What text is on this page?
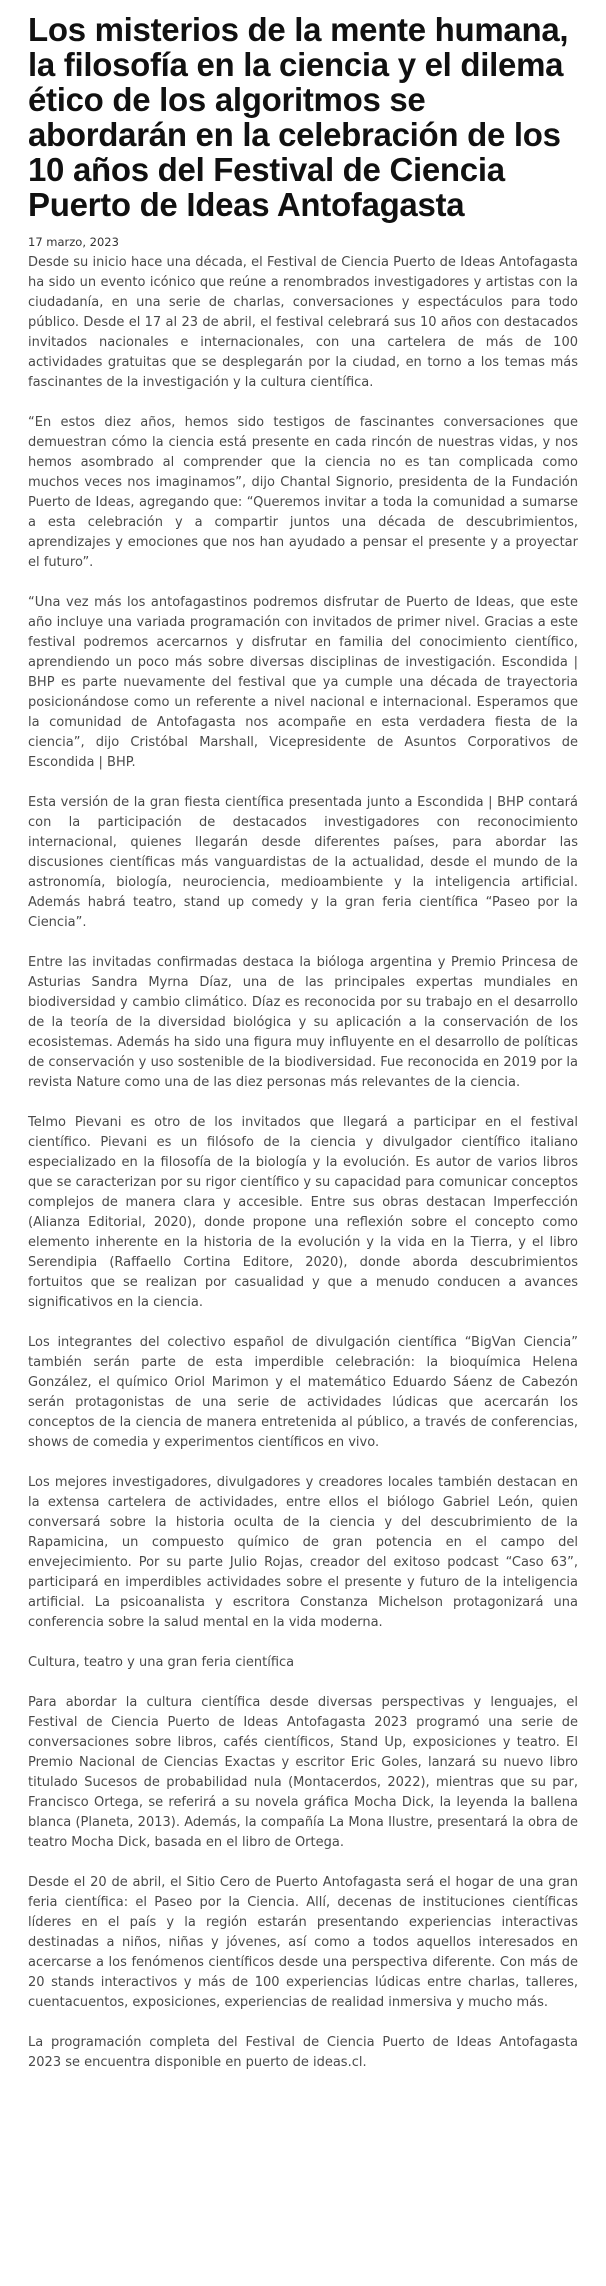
Los misterios de la mente humana, la filosofía en la ciencia y el dilema ético de los algoritmos se abordarán en la celebración de los 10 años del Festival de Ciencia Puerto de Ideas Antofagasta
17 marzo, 2023

Desde su inicio hace una década, el Festival de Ciencia Puerto de Ideas Antofagasta ha sido un evento icónico que reúne a renombrados investigadores y artistas con la ciudadanía, en una serie de charlas, conversaciones y espectáculos para todo público. Desde el 17 al 23 de abril, el festival celebrará sus 10 años con destacados invitados nacionales e internacionales, con una cartelera de más de 100 actividades gratuitas que se desplegarán por la ciudad, en torno a los temas más fascinantes de la investigación y la cultura científica.

“En estos diez años, hemos sido testigos de fascinantes conversaciones que demuestran cómo la ciencia está presente en cada rincón de nuestras vidas, y nos hemos asombrado al comprender que la ciencia no es tan complicada como muchos veces nos imaginamos”, dijo Chantal Signorio, presidenta de la Fundación Puerto de Ideas, agregando que: “Queremos invitar a toda la comunidad a sumarse a esta celebración y a compartir juntos una década de descubrimientos, aprendizajes y emociones que nos han ayudado a pensar el presente y a proyectar el futuro”.

“Una vez más los antofagastinos podremos disfrutar de Puerto de Ideas, que este año incluye una variada programación con invitados de primer nivel. Gracias a este festival podremos acercarnos y disfrutar en familia del conocimiento científico, aprendiendo un poco más sobre diversas disciplinas de investigación. Escondida | BHP es parte nuevamente del festival que ya cumple una década de trayectoria posicionándose como un referente a nivel nacional e internacional. Esperamos que la comunidad de Antofagasta nos acompañe en esta verdadera fiesta de la ciencia”, dijo Cristóbal Marshall, Vicepresidente de Asuntos Corporativos de Escondida | BHP.

Esta versión de la gran fiesta científica presentada junto a Escondida | BHP contará con la participación de destacados investigadores con reconocimiento internacional, quienes llegarán desde diferentes países, para abordar las discusiones científicas más vanguardistas de la actualidad, desde el mundo de la astronomía, biología, neurociencia, medioambiente y la inteligencia artificial. Además habrá teatro, stand up comedy y la gran feria científica “Paseo por la Ciencia”.

Entre las invitadas confirmadas destaca la bióloga argentina y Premio Princesa de Asturias Sandra Myrna Díaz, una de las principales expertas mundiales en biodiversidad y cambio climático. Díaz es reconocida por su trabajo en el desarrollo de la teoría de la diversidad biológica y su aplicación a la conservación de los ecosistemas. Además ha sido una figura muy influyente en el desarrollo de políticas de conservación y uso sostenible de la biodiversidad. Fue reconocida en 2019 por la revista Nature como una de las diez personas más relevantes de la ciencia.

Telmo Pievani es otro de los invitados que llegará a participar en el festival científico. Pievani es un filósofo de la ciencia y divulgador científico italiano especializado en la filosofía de la biología y la evolución. Es autor de varios libros que se caracterizan por su rigor científico y su capacidad para comunicar conceptos complejos de manera clara y accesible. Entre sus obras destacan Imperfección (Alianza Editorial, 2020), donde propone una reflexión sobre el concepto como elemento inherente en la historia de la evolución y la vida en la Tierra, y el libro Serendipia (Raffaello Cortina Editore, 2020), donde aborda descubrimientos fortuitos que se realizan por casualidad y que a menudo conducen a avances significativos en la ciencia.

Los integrantes del colectivo español de divulgación científica “BigVan Ciencia” también serán parte de esta imperdible celebración: la bioquímica Helena González, el químico Oriol Marimon y el matemático Eduardo Sáenz de Cabezón serán protagonistas de una serie de actividades lúdicas que acercarán los conceptos de la ciencia de manera entretenida al público, a través de conferencias, shows de comedia y experimentos científicos en vivo.

Los mejores investigadores, divulgadores y creadores locales también destacan en la extensa cartelera de actividades, entre ellos el biólogo Gabriel León, quien conversará sobre la historia oculta de la ciencia y del descubrimiento de la Rapamicina, un compuesto químico de gran potencia en el campo del envejecimiento. Por su parte Julio Rojas, creador del exitoso podcast “Caso 63”, participará en imperdibles actividades sobre el presente y futuro de la inteligencia artificial. La psicoanalista y escritora Constanza Michelson protagonizará una conferencia sobre la salud mental en la vida moderna.

Cultura, teatro y una gran feria científica

Para abordar la cultura científica desde diversas perspectivas y lenguajes, el Festival de Ciencia Puerto de Ideas Antofagasta 2023 programó una serie de conversaciones sobre libros, cafés científicos, Stand Up, exposiciones y teatro. El Premio Nacional de Ciencias Exactas y escritor Eric Goles, lanzará su nuevo libro titulado Sucesos de probabilidad nula (Montacerdos, 2022), mientras que su par, Francisco Ortega, se referirá a su novela gráfica Mocha Dick, la leyenda la ballena blanca (Planeta, 2013). Además, la compañía La Mona Ilustre, presentará la obra de teatro Mocha Dick, basada en el libro de Ortega.

Desde el 20 de abril, el Sitio Cero de Puerto Antofagasta será el hogar de una gran feria científica: el Paseo por la Ciencia. Allí, decenas de instituciones científicas líderes en el país y la región estarán presentando experiencias interactivas destinadas a niños, niñas y jóvenes, así como a todos aquellos interesados en acercarse a los fenómenos científicos desde una perspectiva diferente. Con más de 20 stands interactivos y más de 100 experiencias lúdicas entre charlas, talleres, cuentacuentos, exposiciones, experiencias de realidad inmersiva y mucho más.

La programación completa del Festival de Ciencia Puerto de Ideas Antofagasta 2023 se encuentra disponible en puerto de ideas.cl.
